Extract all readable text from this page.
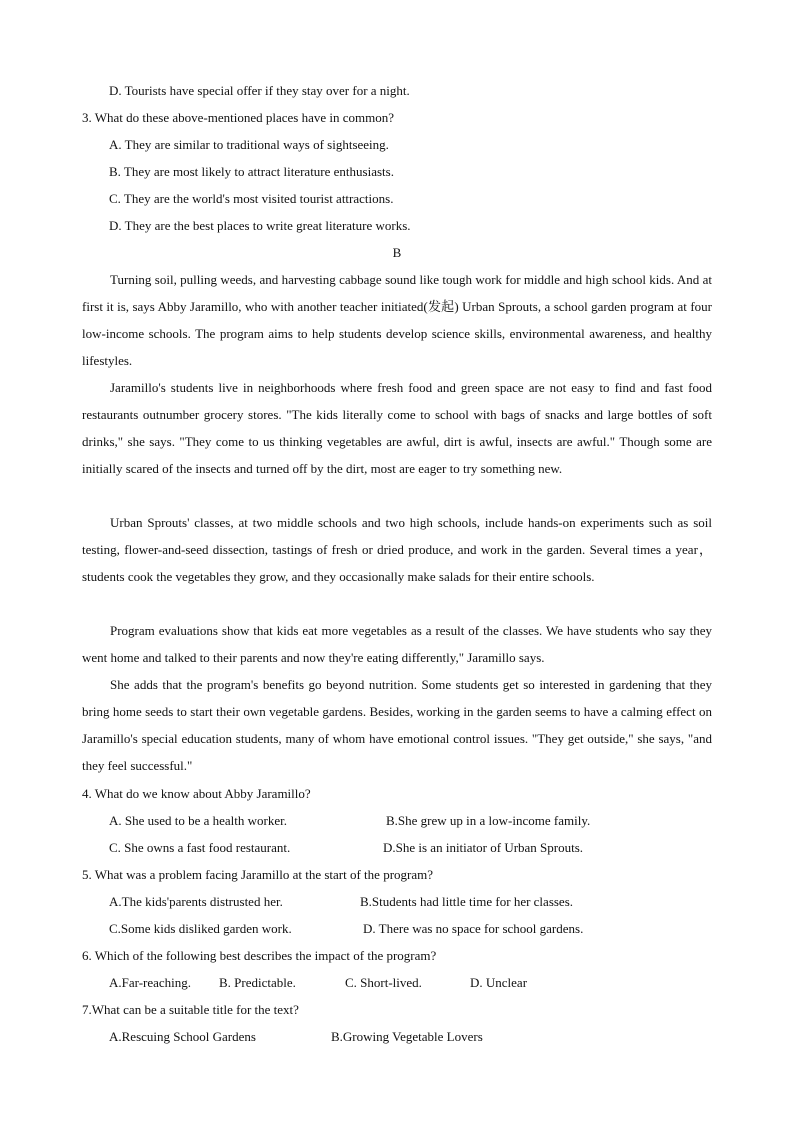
D. Tourists have special offer if they stay over for a night.
3. What do these above-mentioned places have in common?
A. They are similar to traditional ways of sightseeing.
B. They are most likely to attract literature enthusiasts.
C. They are the world's most visited tourist attractions.
D. They are the best places to write great literature works.
B
Turning soil, pulling weeds, and harvesting cabbage sound like tough work for middle and high school kids. And at first it is, says Abby Jaramillo, who with another teacher initiated(发起) Urban Sprouts, a school garden program at four low-income schools. The program aims to help students develop science skills, environmental awareness, and healthy lifestyles.
Jaramillo's students live in neighborhoods where fresh food and green space are not easy to find and fast food restaurants outnumber grocery stores. "The kids literally come to school with bags of snacks and large bottles of soft drinks," she says. "They come to us thinking vegetables are awful, dirt is awful, insects are awful." Though some are initially scared of the insects and turned off by the dirt, most are eager to try something new.
Urban Sprouts' classes, at two middle schools and two high schools, include hands-on experiments such as soil testing, flower-and-seed dissection, tastings of fresh or dried produce, and work in the garden. Several times a year， students cook the vegetables they grow, and they occasionally make salads for their entire schools.
Program evaluations show that kids eat more vegetables as a result of the classes. We have students who say they went home and talked to their parents and now they're eating differently," Jaramillo says.
She adds that the program's benefits go beyond nutrition. Some students get so interested in gardening that they bring home seeds to start their own vegetable gardens. Besides, working in the garden seems to have a calming effect on Jaramillo's special education students, many of whom have emotional control issues. "They get outside," she says, "and they feel successful."
4. What do we know about Abby Jaramillo?
A. She used to be a health worker.	B.She grew up in a low-income family.
C. She owns a fast food restaurant.	D.She is an initiator of Urban Sprouts.
5. What was a problem facing Jaramillo at the start of the program?
A.The kids'parents distrusted her.	B.Students had little time for her classes.
C.Some kids disliked garden work.	D. There was no space for school gardens.
6. Which of the following best describes the impact of the program?
A.Far-reaching. B. Predictable.	C. Short-lived.	D. Unclear
7.What can be a suitable title for the text?
A.Rescuing School Gardens	B.Growing Vegetable Lovers
